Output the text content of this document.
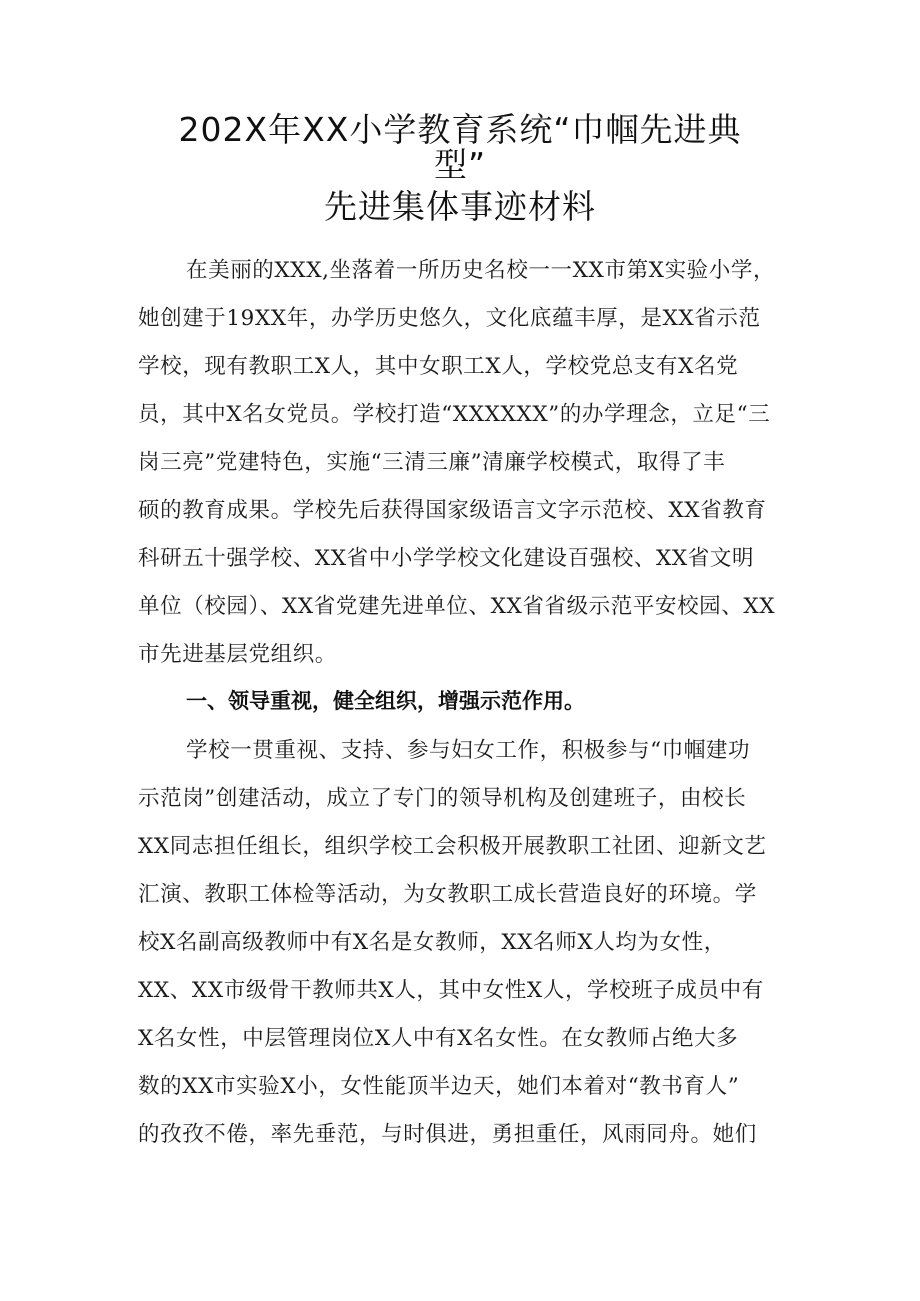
202X年XX小学教育系统“巾帼先进典
型”
先进集体事迹材料

在美丽的XXX,坐落着一所历史名校一一XX市第X实验小学，

她创建于19XX年，办学历史悠久，文化底蕴丰厚，是XX省示范

学校，现有教职工X人，其中女职工X人，学校党总支有X名党

员，其中X名女党员。学校打造“XXXXXX”的办学理念，立足“三

岗三亮”党建特色，实施“三清三廉”清廉学校模式，取得了丰

硕的教育成果。学校先后获得国家级语言文字示范校、XX省教育

科研五十强学校、XX省中小学学校文化建设百强校、XX省文明

单位（校园）、XX省党建先进单位、XX省省级示范平安校园、XX

市先进基层党组织。

一、领导重视，健全组织，增强示范作用。

学校一贯重视、支持、参与妇女工作，积极参与“巾帼建功

示范岗”创建活动，成立了专门的领导机构及创建班子，由校长

XX同志担任组长，组织学校工会积极开展教职工社团、迎新文艺

汇演、教职工体检等活动，为女教职工成长营造良好的环境。学

校X名副高级教师中有X名是女教师，XX名师X人均为女性，

XX、XX市级骨干教师共X人，其中女性X人，学校班子成员中有

X名女性，中层管理岗位X人中有X名女性。在女教师占绝大多

数的XX市实验X小，女性能顶半边天，她们本着对“教书育人”

的孜孜不倦，率先垂范，与时俱进，勇担重任，风雨同舟。她们
